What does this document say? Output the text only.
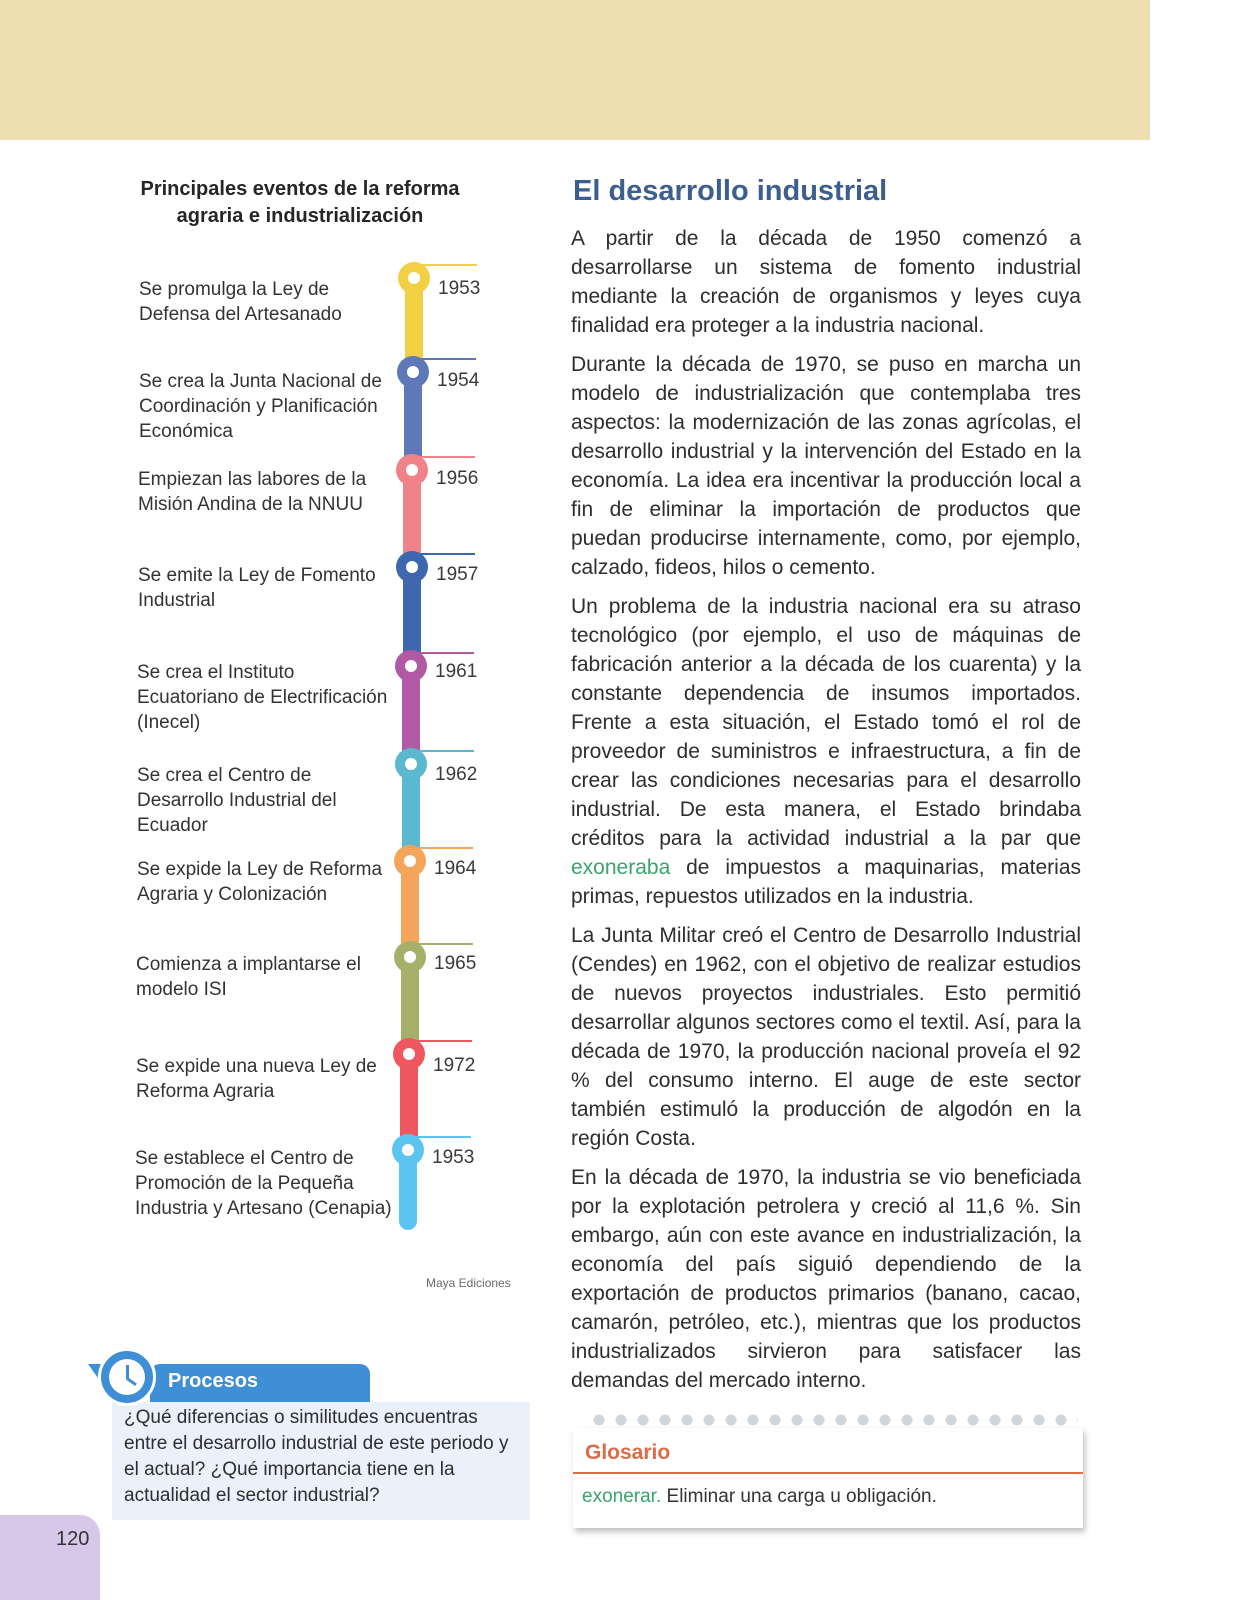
Principales eventos de la reforma
agraria e industrialización
1953
Se promulga la Ley de
Defensa del Artesanado
1954
Se crea la Junta Nacional de
Coordinación y Planificación
Económica
1956
Empiezan las labores de la
Misión Andina de la NNUU
1957
Se emite la Ley de Fomento
Industrial
1961
Se crea el Instituto
Ecuatoriano de Electrificación
(Inecel)
1962
Se crea el Centro de
Desarrollo Industrial del
Ecuador
1964
Se expide la Ley de Reforma
Agraria y Colonización
1965
Comienza a implantarse el
modelo ISI
1972
Se expide una nueva Ley de
Reforma Agraria
1953
Se establece el Centro de
Promoción de la Pequeña
Industria y Artesano (Cenapia)
Maya Ediciones
El desarrollo industrial

A partir de la década de 1950 comenzó a desarrollarse un sistema de fomento industrial mediante la creación de organismos y leyes cuya finalidad era proteger a la industria nacional.

Durante la década de 1970, se puso en marcha un modelo de industrialización que contemplaba tres aspectos: la modernización de las zonas agrícolas, el desarrollo industrial y la intervención del Estado en la economía. La idea era incentivar la producción local a fin de eliminar la importación de productos que puedan producirse internamente, como, por ejemplo, calzado, fideos, hilos o cemento.

Un problema de la industria nacional era su atraso tecnológico (por ejemplo, el uso de máquinas de fabricación anterior a la década de los cuarenta) y la constante dependencia de insumos importados. Frente a esta situación, el Estado tomó el rol de proveedor de suministros e infraestructura, a fin de crear las condiciones necesarias para el desarrollo industrial. De esta manera, el Estado brindaba créditos para la actividad industrial a la par que exoneraba de impuestos a maquinarias, materias primas, repuestos utilizados en la industria.

La Junta Militar creó el Centro de Desarrollo Industrial (Cendes) en 1962, con el objetivo de realizar estudios de nuevos proyectos industriales. Esto permitió desarrollar algunos sectores como el textil. Así, para la década de 1970, la producción nacional proveía el 92 % del consumo interno. El auge de este sector también estimuló la producción de algodón en la región Costa.

En la década de 1970, la industria se vio beneficiada por la explotación petrolera y creció al 11,6 %. Sin embargo, aún con este avance en industrialización, la economía del país siguió dependiendo de la exportación de productos primarios (banano, cacao, camarón, petróleo, etc.), mientras que los productos industrializados sirvieron para satisfacer las demandas del mercado interno.

Procesos
¿Qué diferencias o similitudes encuentras entre el desarrollo industrial de este periodo y el actual? ¿Qué importancia tiene en la actualidad el sector industrial?
Glosario
exonerar. Eliminar una carga u obligación.
120
